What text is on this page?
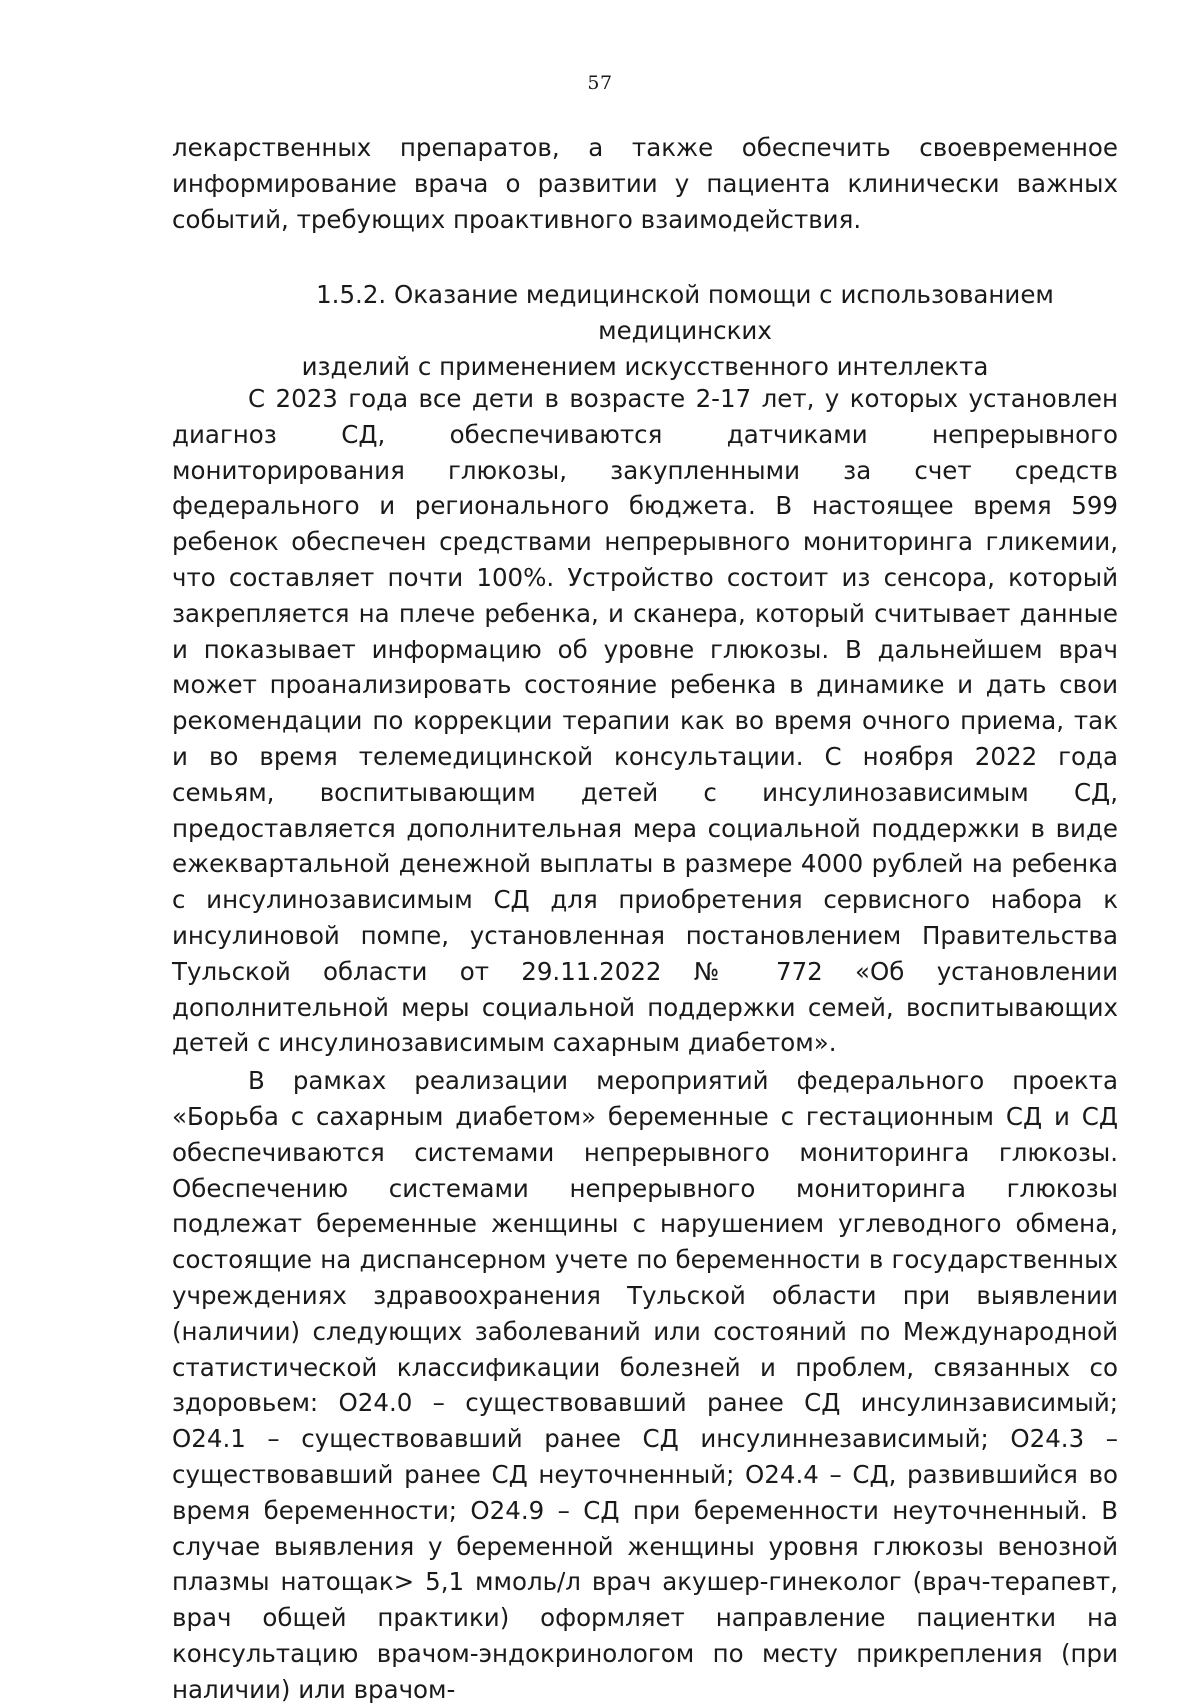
57

лекарственных препаратов, а также обеспечить своевременное информирование врача о развитии у пациента клинически важных событий, требующих проактивного взаимодействия.

1.5.2. Оказание медицинской помощи с использованием медицинских
изделий с применением искусственного интеллекта

С 2023 года все дети в возрасте 2-17 лет, у которых установлен диагноз СД, обеспечиваются датчиками непрерывного мониторирования глюкозы, закупленными за счет средств федерального и регионального бюджета. В настоящее время 599 ребенок обеспечен средствами непрерывного мониторинга гликемии, что составляет почти 100%. Устройство состоит из сенсора, который закрепляется на плече ребенка, и сканера, который считывает данные и показывает информацию об уровне глюкозы. В дальнейшем врач может проанализировать состояние ребенка в динамике и дать свои рекомендации по коррекции терапии как во время очного приема, так и во время телемедицинской консультации. С ноября 2022 года семьям, воспитывающим детей с инсулинозависимым СД, предоставляется дополнительная мера социальной поддержки в виде ежеквартальной денежной выплаты в размере 4000 рублей на ребенка с инсулинозависимым СД для приобретения сервисного набора к инсулиновой помпе, установленная постановлением Правительства Тульской области от 29.11.2022 № 772 «Об установлении дополнительной меры социальной поддержки семей, воспитывающих детей с инсулинозависимым сахарным диабетом».

В рамках реализации мероприятий федерального проекта «Борьба с сахарным диабетом» беременные с гестационным СД и СД обеспечиваются системами непрерывного мониторинга глюкозы. Обеспечению системами непрерывного мониторинга глюкозы подлежат беременные женщины с нарушением углеводного обмена, состоящие на диспансерном учете по беременности в государственных учреждениях здравоохранения Тульской области при выявлении (наличии) следующих заболеваний или состояний по Международной статистической классификации болезней и проблем, связанных со здоровьем: O24.0 – существовавший ранее СД инсулинзависимый; O24.1 – существовавший ранее СД инсулиннезависимый; O24.3 – существовавший ранее СД неуточненный; O24.4 – СД, развившийся во время беременности; O24.9 – СД при беременности неуточненный. В случае выявления у беременной женщины уровня глюкозы венозной плазмы натощак> 5,1 ммоль/л врач акушер-гинеколог (врач-терапевт, врач общей практики) оформляет направление пациентки на консультацию врачом-эндокринологом по месту прикрепления (при наличии) или врачом-
